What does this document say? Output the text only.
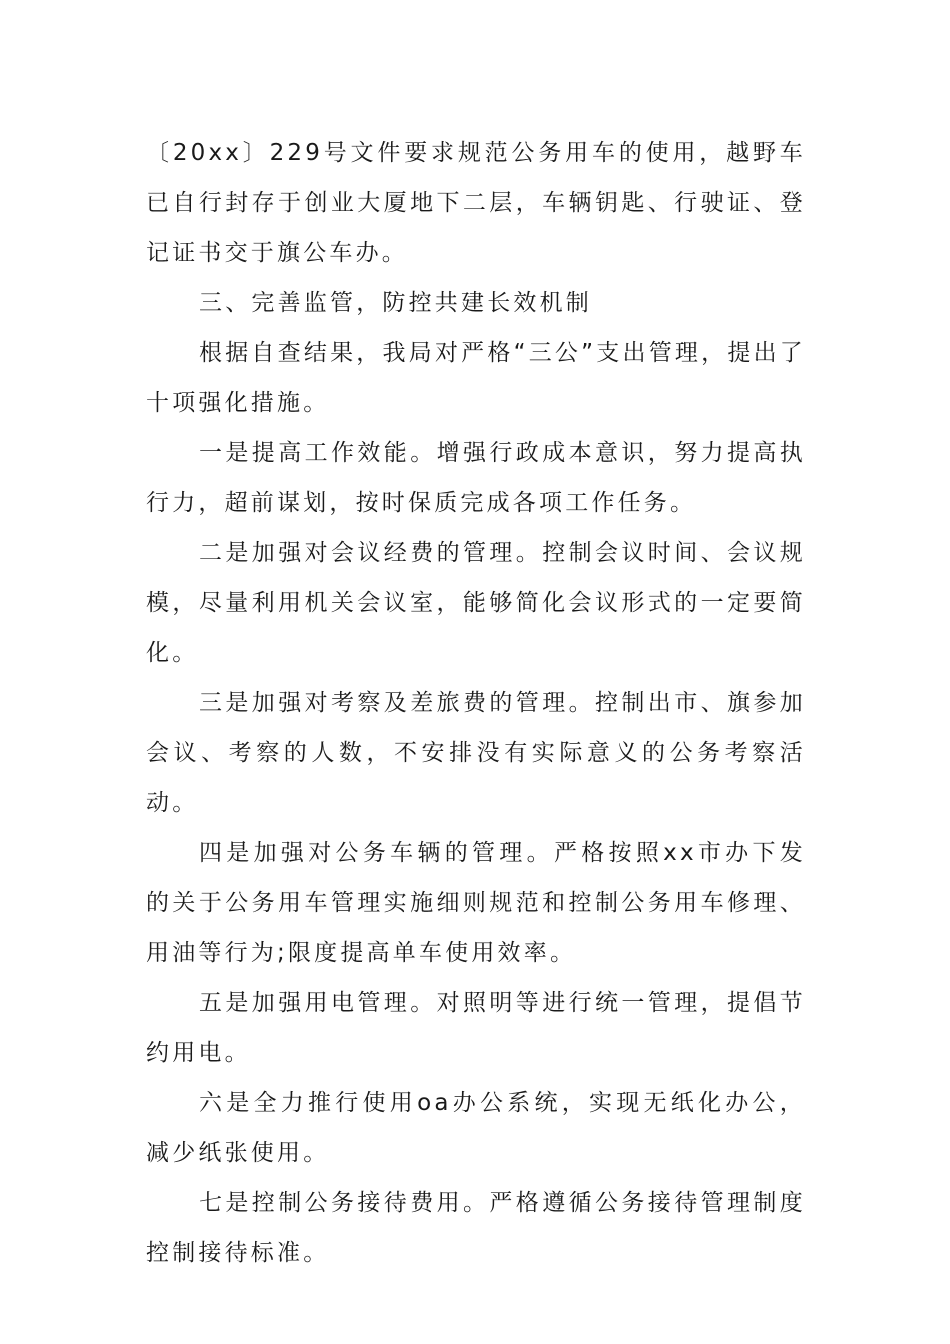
〔20xx〕229号文件要求规范公务用车的使用，越野车已自行封存于创业大厦地下二层，车辆钥匙、行驶证、登记证书交于旗公车办。

三、完善监管，防控共建长效机制

根据自查结果，我局对严格“三公”支出管理，提出了十项强化措施。

一是提高工作效能。增强行政成本意识，努力提高执行力，超前谋划，按时保质完成各项工作任务。

二是加强对会议经费的管理。控制会议时间、会议规模，尽量利用机关会议室，能够简化会议形式的一定要简化。

三是加强对考察及差旅费的管理。控制出市、旗参加会议、考察的人数，不安排没有实际意义的公务考察活动。

四是加强对公务车辆的管理。严格按照xx市办下发的关于公务用车管理实施细则规范和控制公务用车修理、用油等行为;限度提高单车使用效率。

五是加强用电管理。对照明等进行统一管理，提倡节约用电。

六是全力推行使用oa办公系统，实现无纸化办公，减少纸张使用。

七是控制公务接待费用。严格遵循公务接待管理制度控制接待标准。
